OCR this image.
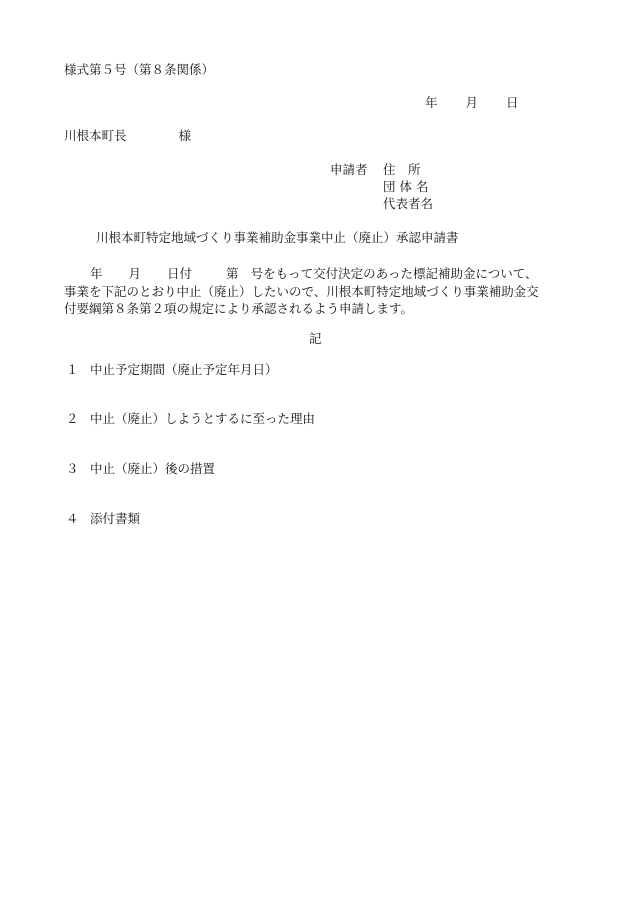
様式第５号（第８条関係）
年 月 日
川根本町長	様
申請者 住　所
団 体 名
代表者名
川根本町特定地域づくり事業補助金事業中止（廃止）承認申請書
年 月 日付	第 号をもって交付決定のあった標記補助金について、
事業を下記のとおり中止（廃止）したいので、川根本町特定地域づくり事業補助金交
付要綱第８条第２項の規定により承認されるよう申請します。
記
１ 中止予定期間（廃止予定年月日）
２ 中止（廃止）しようとするに至った理由
３ 中止（廃止）後の措置
４ 添付書類
